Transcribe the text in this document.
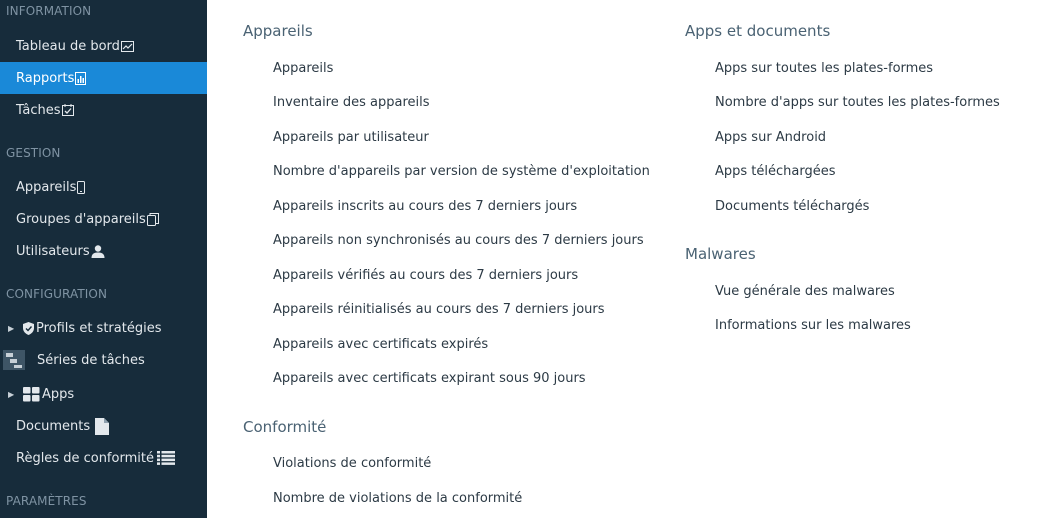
INFORMATION
Tableau de bord
Rapports
Tâches
GESTION
Appareils
Groupes d'appareils
Utilisateurs
CONFIGURATION
▶	Profils et stratégies
Séries de tâches
▶	Apps
Documents
Règles de conformité
PARAMÈTRES
Appareils
Appareils
Inventaire des appareils
Appareils par utilisateur
Nombre d'appareils par version de système d'exploitation
Appareils inscrits au cours des 7 derniers jours
Appareils non synchronisés au cours des 7 derniers jours
Appareils vérifiés au cours des 7 derniers jours
Appareils réinitialisés au cours des 7 derniers jours
Appareils avec certificats expirés
Appareils avec certificats expirant sous 90 jours
Conformité
Violations de conformité
Nombre de violations de la conformité
Apps et documents
Apps sur toutes les plates-formes
Nombre d'apps sur toutes les plates-formes
Apps sur Android
Apps téléchargées
Documents téléchargés
Malwares
Vue générale des malwares
Informations sur les malwares
